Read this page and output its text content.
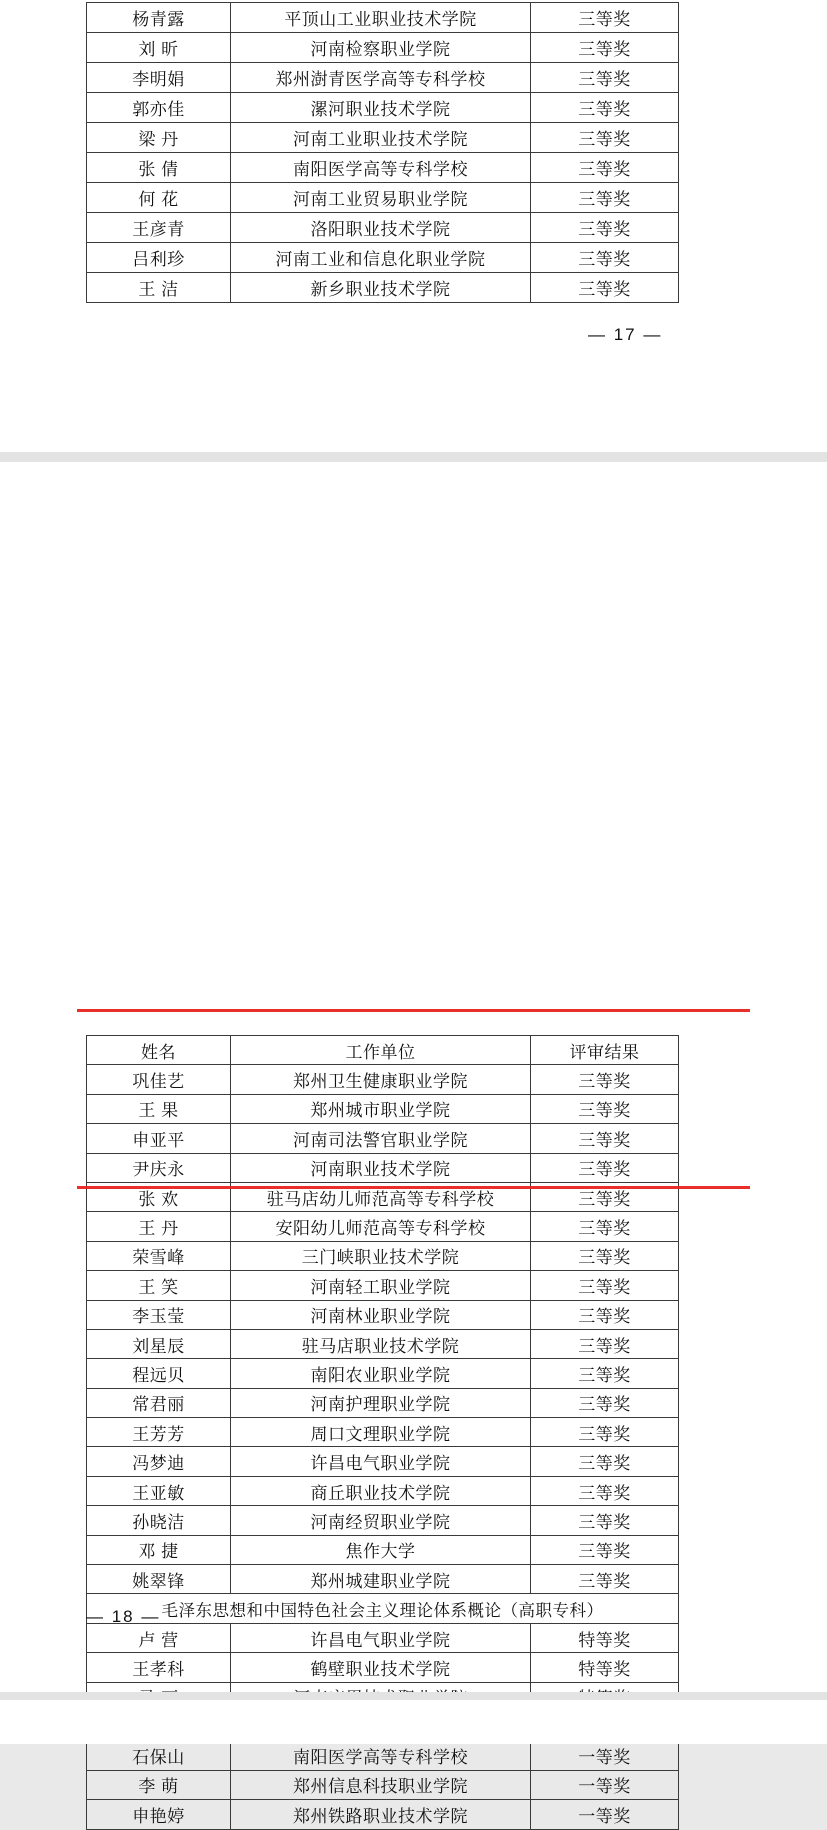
杨青露	平顶山工业职业技术学院	三等奖
刘 昕	河南检察职业学院	三等奖
李明娟	郑州澍青医学高等专科学校	三等奖
郭亦佳	漯河职业技术学院	三等奖
梁 丹	河南工业职业技术学院	三等奖
张 倩	南阳医学高等专科学校	三等奖
何 花	河南工业贸易职业学院	三等奖
王彦青	洛阳职业技术学院	三等奖
吕利珍	河南工业和信息化职业学院	三等奖
王 洁	新乡职业技术学院	三等奖
— 17 —
姓名	工作单位	评审结果
巩佳艺	郑州卫生健康职业学院	三等奖
王 果	郑州城市职业学院	三等奖
申亚平	河南司法警官职业学院	三等奖
尹庆永	河南职业技术学院	三等奖
张 欢	驻马店幼儿师范高等专科学校	三等奖
王 丹	安阳幼儿师范高等专科学校	三等奖
荣雪峰	三门峡职业技术学院	三等奖
王 笑	河南轻工职业学院	三等奖
李玉莹	河南林业职业学院	三等奖
刘星辰	驻马店职业技术学院	三等奖
程远贝	南阳农业职业学院	三等奖
常君丽	河南护理职业学院	三等奖
王芳芳	周口文理职业学院	三等奖
冯梦迪	许昌电气职业学院	三等奖
王亚敏	商丘职业技术学院	三等奖
孙晓洁	河南经贸职业学院	三等奖
邓 捷	焦作大学	三等奖
姚翠锋	郑州城建职业学院	三等奖
毛泽东思想和中国特色社会主义理论体系概论（高职专科）		
卢 营	许昌电气职业学院	特等奖
王孝科	鹤壁职业技术学院	特等奖

石保山	南阳医学高等专科学校	一等奖
李 萌	郑州信息科技职业学院	一等奖
申艳婷	郑州铁路职业技术学院	一等奖
— 18 —
